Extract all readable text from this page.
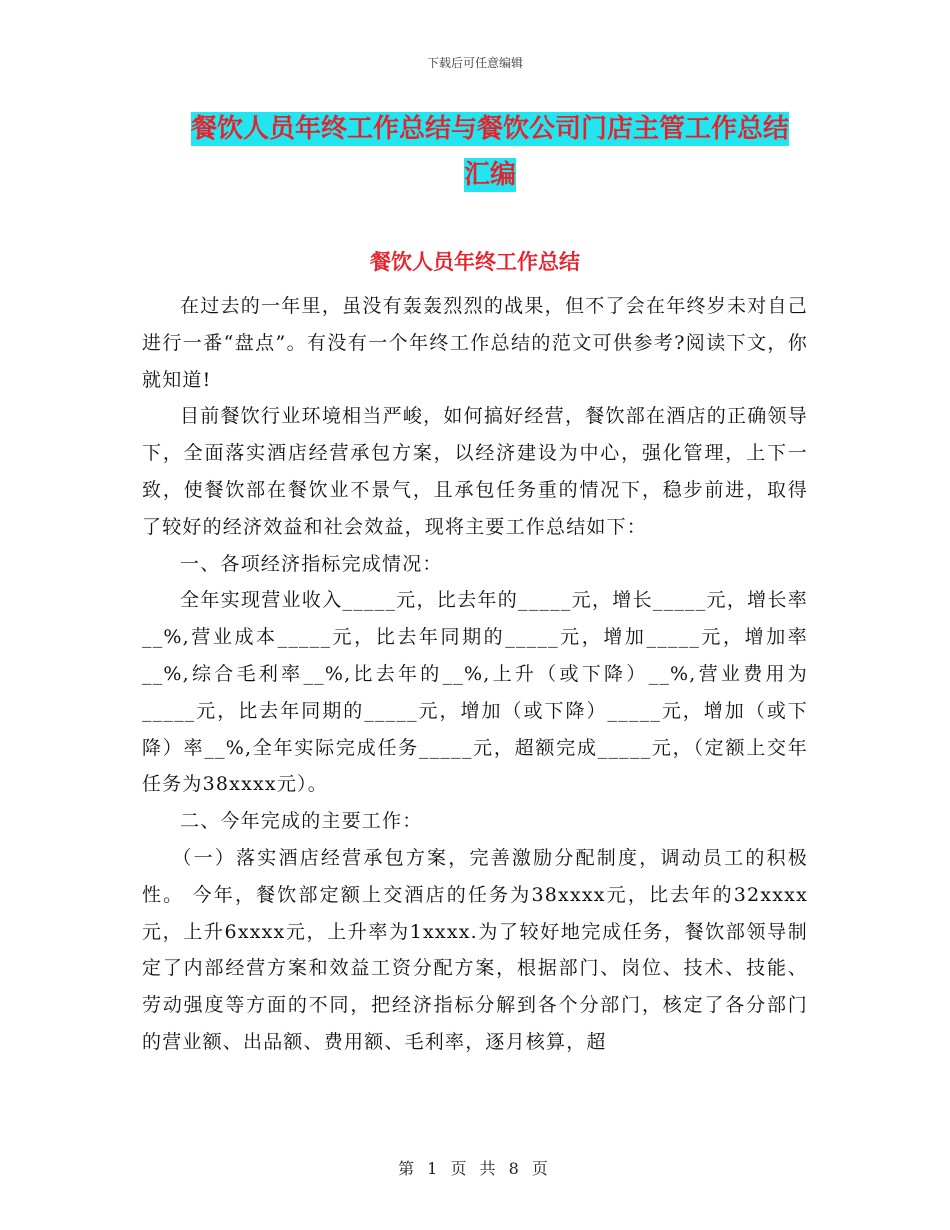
下载后可任意编辑
餐饮人员年终工作总结与餐饮公司门店主管工作总结
汇编
餐饮人员年终工作总结

在过去的一年里，虽没有轰轰烈烈的战果，但不了会在年终岁未对自己进行一番“盘点”。有没有一个年终工作总结的范文可供参考?阅读下文，你就知道!

目前餐饮行业环境相当严峻，如何搞好经营，餐饮部在酒店的正确领导下，全面落实酒店经营承包方案，以经济建设为中心，强化管理，上下一致，使餐饮部在餐饮业不景气，且承包任务重的情况下，稳步前进，取得了较好的经济效益和社会效益，现将主要工作总结如下：

一、各项经济指标完成情况：

全年实现营业收入_____元，比去年的_____元，增长_____元，增长率__%,营业成本_____元，比去年同期的_____元，增加_____元，增加率__%,综合毛利率__%,比去年的__%,上升（或下降）__%,营业费用为_____元，比去年同期的_____元，增加（或下降）_____元，增加（或下降）率__%,全年实际完成任务_____元，超额完成_____元，（定额上交年任务为38xxxx元）。

二、今年完成的主要工作：

（一）落实酒店经营承包方案，完善激励分配制度，调动员工的积极性。 今年，餐饮部定额上交酒店的任务为38xxxx元，比去年的32xxxx元，上升6xxxx元，上升率为1xxxx.为了较好地完成任务，餐饮部领导制定了内部经营方案和效益工资分配方案，根据部门、岗位、技术、技能、劳动强度等方面的不同，把经济指标分解到各个分部门，核定了各分部门的营业额、出品额、费用额、毛利率，逐月核算，超

第 1 页 共 8 页
